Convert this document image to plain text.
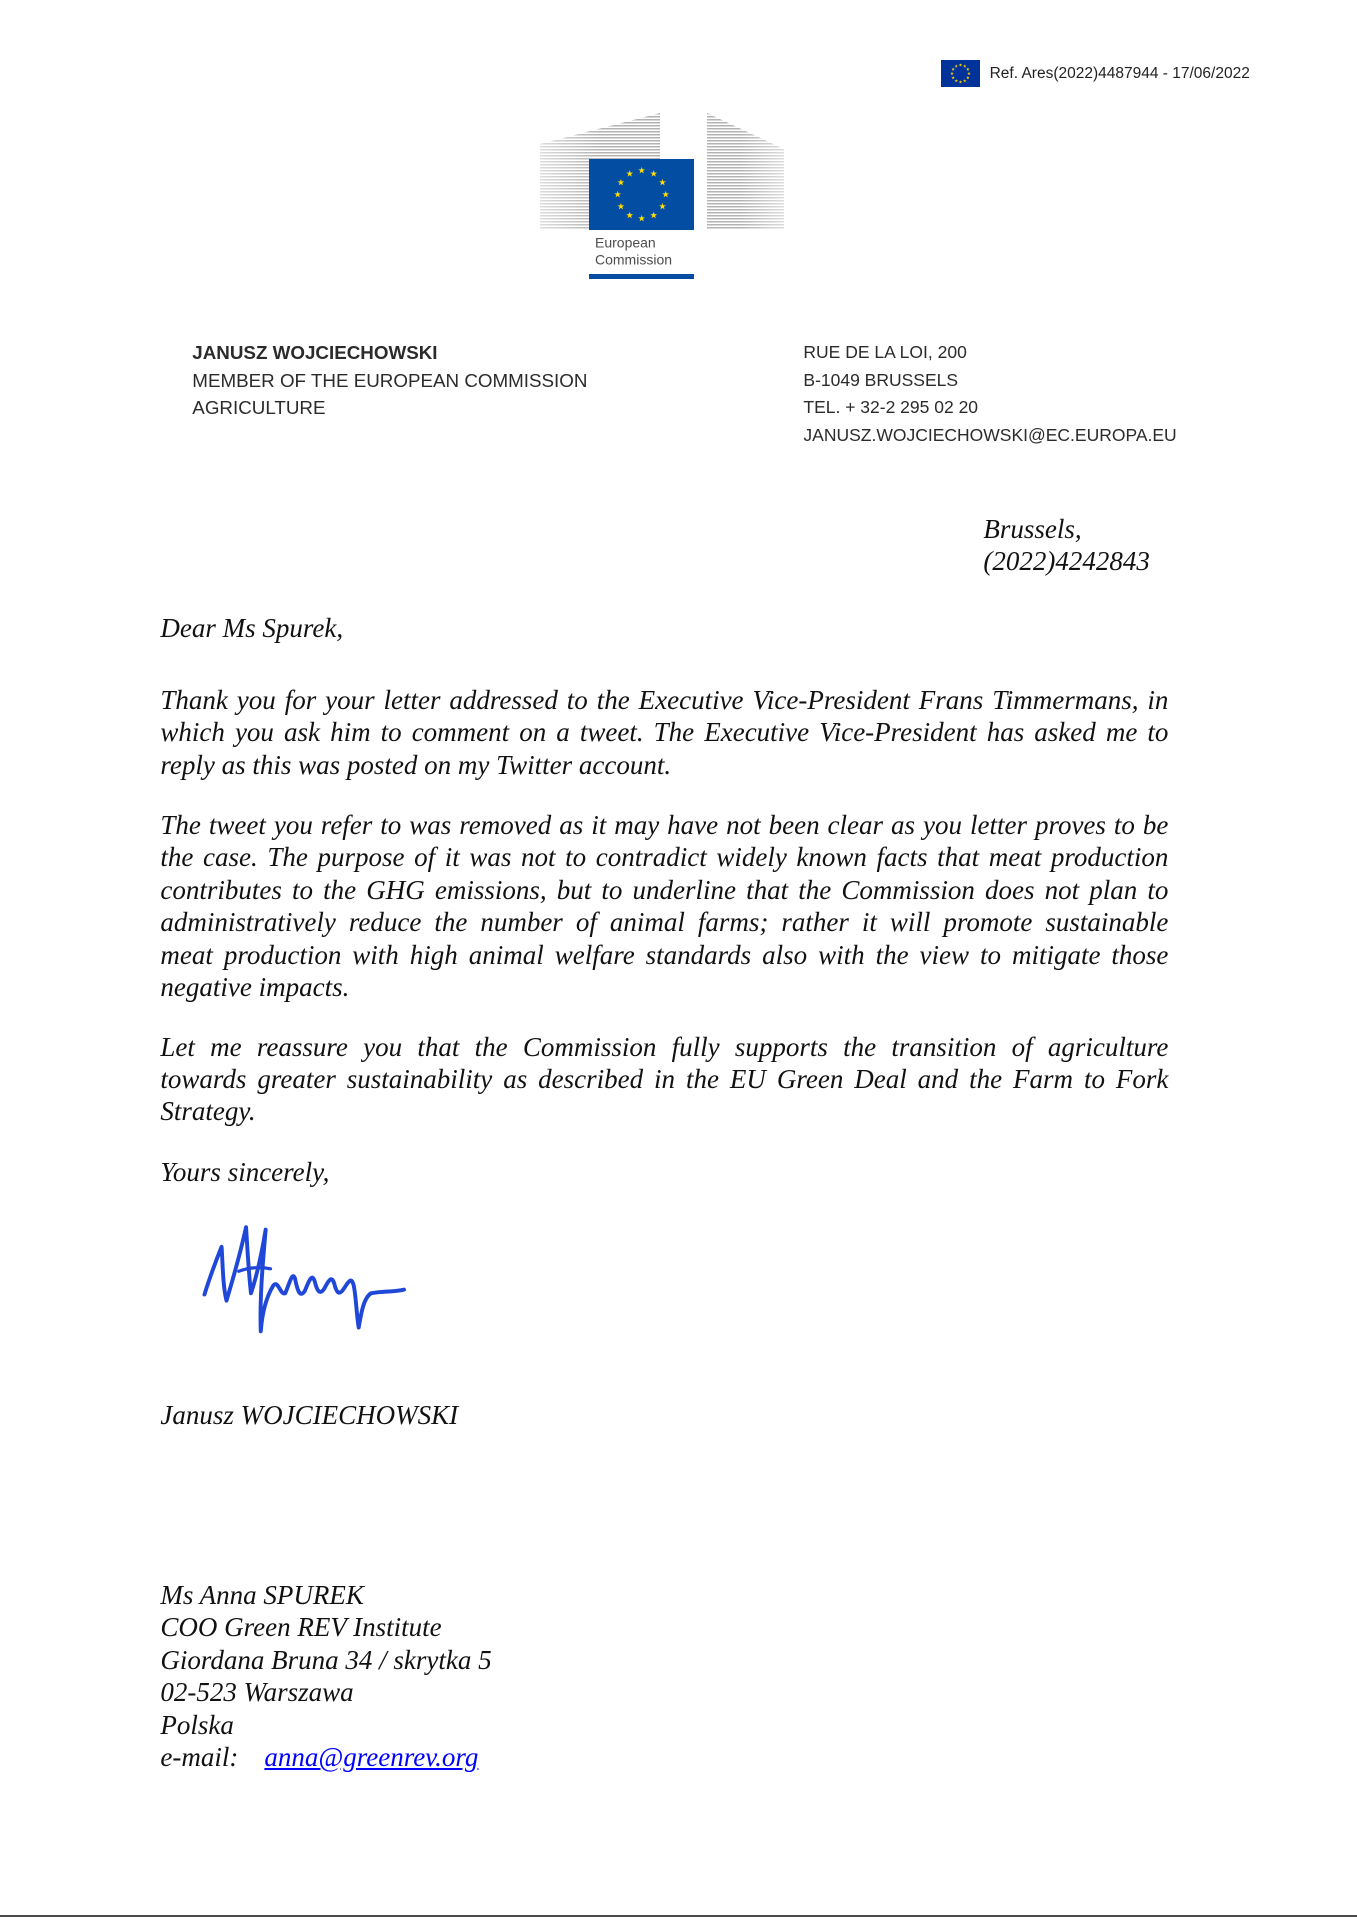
Ref. Ares(2022)4487944 - 17/06/2022
European
Commission
JANUSZ WOJCIECHOWSKI
MEMBER OF THE EUROPEAN COMMISSION
AGRICULTURE
RUE DE LA LOI, 200
B-1049 BRUSSELS
TEL. + 32-2 295 02 20
JANUSZ.WOJCIECHOWSKI@EC.EUROPA.EU
Brussels,
(2022)4242843
Dear Ms Spurek,
Thank you for your letter addressed to the Executive Vice-President Frans Timmermans, in
which you ask him to comment on a tweet. The Executive Vice-President has asked me to
reply as this was posted on my Twitter account.
The tweet you refer to was removed as it may have not been clear as you letter proves to be
the case. The purpose of it was not to contradict widely known facts that meat production
contributes to the GHG emissions, but to underline that the Commission does not plan to
administratively reduce the number of animal farms; rather it will promote sustainable
meat production with high animal welfare standards also with the view to mitigate those
negative impacts.
Let me reassure you that the Commission fully supports the transition of agriculture
towards greater sustainability as described in the EU Green Deal and the Farm to Fork
Strategy.
Yours sincerely,
Janusz WOJCIECHOWSKI
Ms Anna SPUREK
COO Green REV Institute
Giordana Bruna 34 / skrytka 5
02-523 Warszawa
Polska
e-mail: anna@greenrev.org
